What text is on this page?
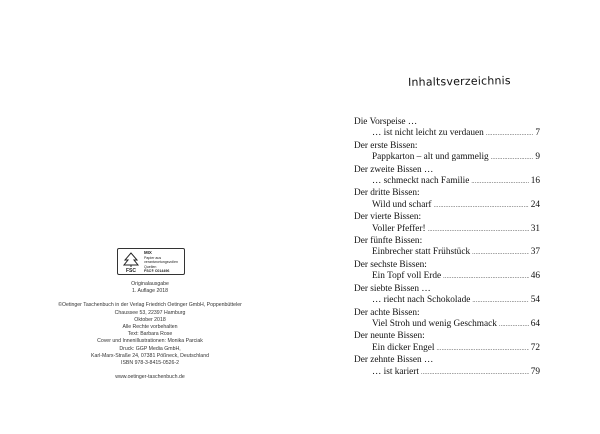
FSC
MIX
Papier aus verantwortungsvollen Quellen
FSC® C014496
Originalausgabe
1. Auflage 2018
©Oetinger Taschenbuch in der Verlag Friedrich Oetinger GmbH, Poppenbütteler
Chaussee 53, 22397 Hamburg
Oktober 2018
Alle Rechte vorbehalten
Text: Barbara Rose
Cover und Innenillustrationen: Monika Parciak
Druck: GGP Media GmbH,
Karl-Marx-Straße 24, 07381 Pößneck, Deutschland
ISBN 978-3-8415-0526-2
www.oetinger-taschenbuch.de
Inhaltsverzeichnis
Die Vorspeise …
… ist nicht leicht zu verdauen .....	7
Der erste Bissen:
Pappkarton – alt und gammelig .....	9
Der zweite Bissen …
… schmeckt nach Familie .....	16
Der dritte Bissen:
Wild und scharf .....	24
Der vierte Bissen:
Voller Pfeffer! .....	31
Der fünfte Bissen:
Einbrecher statt Frühstück .....	37
Der sechste Bissen:
Ein Topf voll Erde .....	46
Der siebte Bissen …
… riecht nach Schokolade .....	54
Der achte Bissen:
Viel Stroh und wenig Geschmack .....	64
Der neunte Bissen:
Ein dicker Engel .....	72
Der zehnte Bissen …
… ist kariert .....	79
